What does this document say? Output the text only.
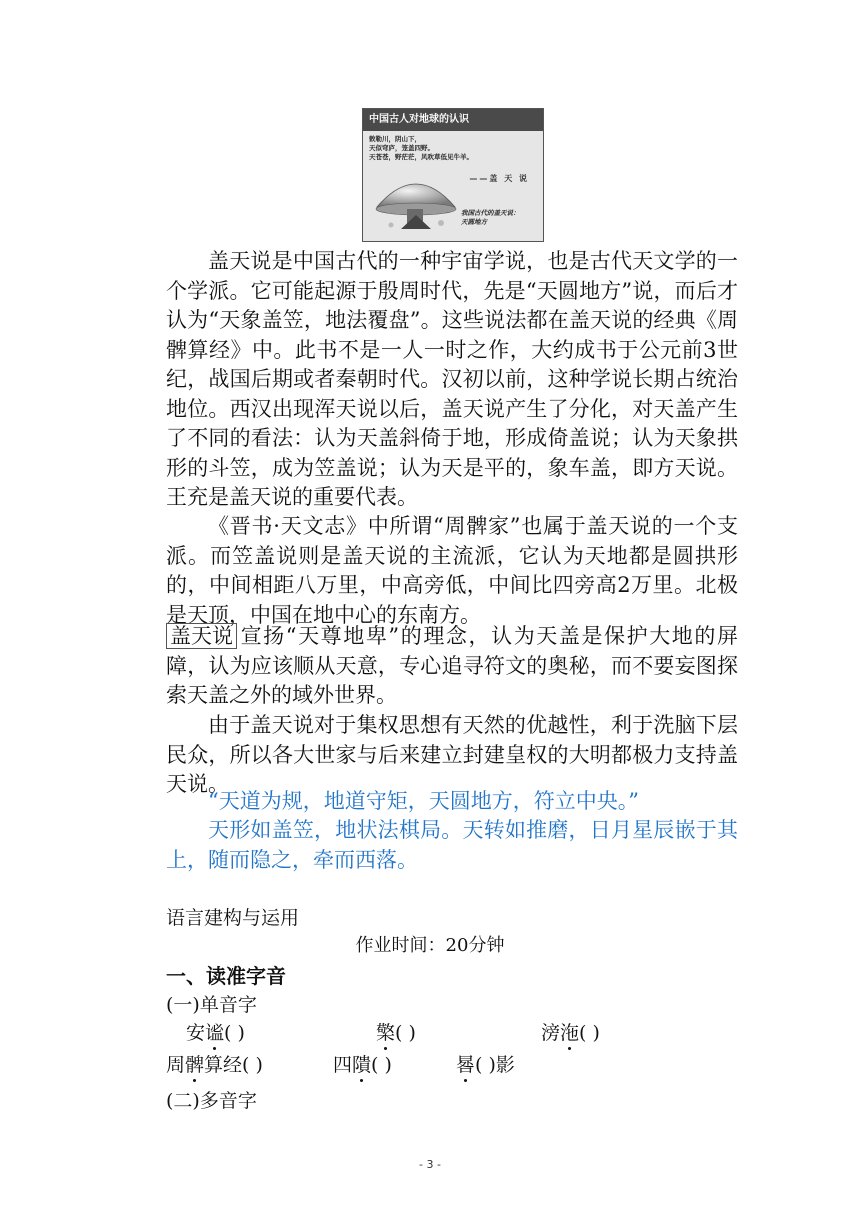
中国古人对地球的认识
敕勒川，阴山下，
天似穹庐，笼盖四野。
天苍苍，野茫茫，风吹草低见牛羊。
——盖 天 说
我国古代的盖天说：
天圆地方

盖天说是中国古代的一种宇宙学说，也是古代天文学的一个学派。它可能起源于殷周时代，先是“天圆地方”说，而后才认为“天象盖笠，地法覆盘”。这些说法都在盖天说的经典《周髀算经》中。此书不是一人一时之作，大约成书于公元前3世纪，战国后期或者秦朝时代。汉初以前，这种学说长期占统治地位。西汉出现浑天说以后，盖天说产生了分化，对天盖产生了不同的看法：认为天盖斜倚于地，形成倚盖说；认为天象拱形的斗笠，成为笠盖说；认为天是平的，象车盖，即方天说。王充是盖天说的重要代表。

《晋书·天文志》中所谓“周髀家”也属于盖天说的一个支派。而笠盖说则是盖天说的主流派，它认为天地都是圆拱形的，中间相距八万里，中高旁低，中间比四旁高2万里。北极是天顶，中国在地中心的东南方。

盖天说 宣扬“天尊地卑”的理念，认为天盖是保护大地的屏障，认为应该顺从天意，专心追寻符文的奥秘，而不要妄图探索天盖之外的域外世界。

由于盖天说对于集权思想有天然的优越性，利于洗脑下层民众，所以各大世家与后来建立封建皇权的大明都极力支持盖天说。

“天道为规，地道守矩，天圆地方，符立中央。”

天形如盖笠，地状法棋局。天转如推磨，日月星辰嵌于其上，随而隐之，牵而西落。

语言建构与运用
作业时间：20分钟
一、读准字音
(一)单音字
安谧( )	檠( )	滂沲( )
周髀算经( )	四隤( )	晷( )影
(二)多音字
- 3 -
